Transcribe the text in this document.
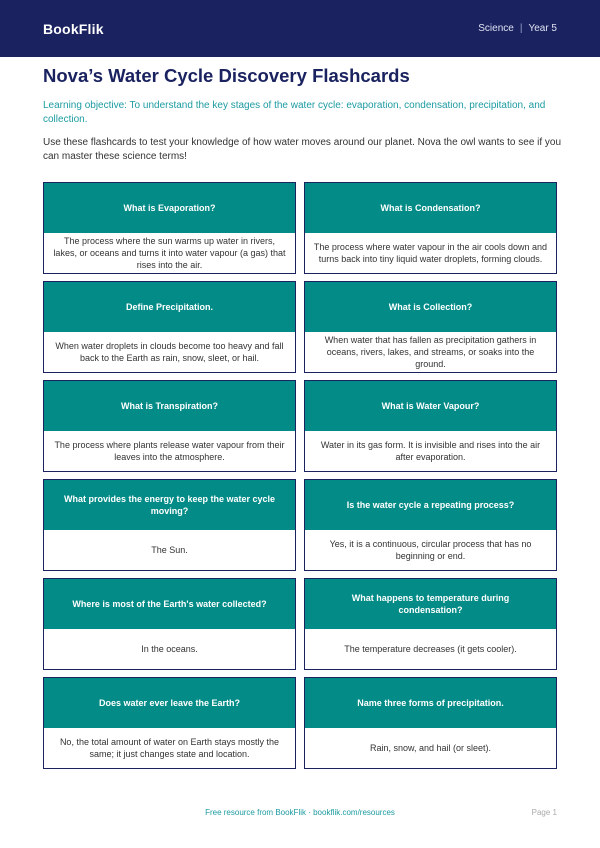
BookFlik	Science | Year 5
Nova’s Water Cycle Discovery Flashcards

Learning objective: To understand the key stages of the water cycle: evaporation, condensation, precipitation, and collection.

Use these flashcards to test your knowledge of how water moves around our planet. Nova the owl wants to see if you can master these science terms!

What is Evaporation?
The process where the sun warms up water in rivers, lakes, or oceans and turns it into water vapour (a gas) that rises into the air.
What is Condensation?
The process where water vapour in the air cools down and turns back into tiny liquid water droplets, forming clouds.
Define Precipitation.
When water droplets in clouds become too heavy and fall back to the Earth as rain, snow, sleet, or hail.
What is Collection?
When water that has fallen as precipitation gathers in oceans, rivers, lakes, and streams, or soaks into the ground.
What is Transpiration?
The process where plants release water vapour from their leaves into the atmosphere.
What is Water Vapour?
Water in its gas form. It is invisible and rises into the air after evaporation.
What provides the energy to keep the water cycle moving?
The Sun.
Is the water cycle a repeating process?
Yes, it is a continuous, circular process that has no beginning or end.
Where is most of the Earth's water collected?
In the oceans.
What happens to temperature during condensation?
The temperature decreases (it gets cooler).
Does water ever leave the Earth?
No, the total amount of water on Earth stays mostly the same; it just changes state and location.
Name three forms of precipitation.
Rain, snow, and hail (or sleet).
Free resource from BookFlik · bookflik.com/resources	Page 1
